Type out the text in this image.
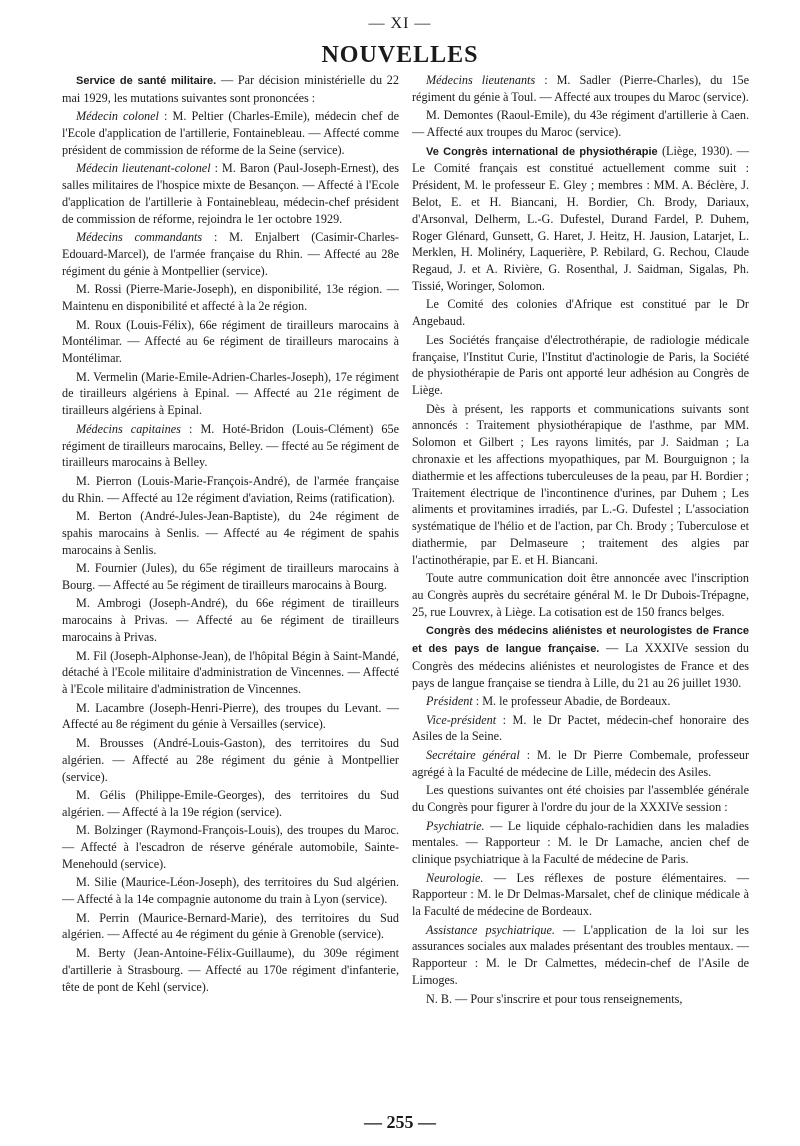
— XI —
NOUVELLES

Service de santé militaire. — Par décision ministérielle du 22 mai 1929, les mutations suivantes sont prononcées :

Médecin colonel : M. Peltier (Charles-Emile), médecin chef de l'Ecole d'application de l'artillerie, Fontainebleau. — Affecté comme président de commission de réforme de la Seine (service).

Médecin lieutenant-colonel : M. Baron (Paul-Joseph-Ernest), des salles militaires de l'hospice mixte de Besançon. — Affecté à l'Ecole d'application de l'artillerie à Fontainebleau, médecin-chef président de commission de réforme, rejoindra le 1er octobre 1929.

Médecins commandants : M. Enjalbert (Casimir-Charles-Edouard-Marcel), de l'armée française du Rhin. — Affecté au 28e régiment du génie à Montpellier (service).

M. Rossi (Pierre-Marie-Joseph), en disponibilité, 13e région. — Maintenu en disponibilité et affecté à la 2e région.

M. Roux (Louis-Félix), 66e régiment de tirailleurs marocains à Montélimar. — Affecté au 6e régiment de tirailleurs marocains à Montélimar.

M. Vermelin (Marie-Emile-Adrien-Charles-Joseph), 17e régiment de tirailleurs algériens à Epinal. — Affecté au 21e régiment de tirailleurs algériens à Epinal.

Médecins capitaines : M. Hoté-Bridon (Louis-Clément) 65e régiment de tirailleurs marocains, Belley. — ffecté au 5e régiment de tirailleurs marocains à Belley.

M. Pierron (Louis-Marie-François-André), de l'armée française du Rhin. — Affecté au 12e régiment d'aviation, Reims (ratification).

M. Berton (André-Jules-Jean-Baptiste), du 24e régiment de spahis marocains à Senlis. — Affecté au 4e régiment de spahis marocains à Senlis.

M. Fournier (Jules), du 65e régiment de tirailleurs marocains à Bourg. — Affecté au 5e régiment de tirailleurs marocains à Bourg.

M. Ambrogi (Joseph-André), du 66e régiment de tirailleurs marocains à Privas. — Affecté au 6e régiment de tirailleurs marocains à Privas.

M. Fil (Joseph-Alphonse-Jean), de l'hôpital Bégin à Saint-Mandé, détaché à l'Ecole militaire d'administration de Vincennes. — Affecté à l'Ecole militaire d'administration de Vincennes.

M. Lacambre (Joseph-Henri-Pierre), des troupes du Levant. — Affecté au 8e régiment du génie à Versailles (service).

M. Brousses (André-Louis-Gaston), des territoires du Sud algérien. — Affecté au 28e régiment du génie à Montpellier (service).

M. Gélis (Philippe-Emile-Georges), des territoires du Sud algérien. — Affecté à la 19e région (service).

M. Bolzinger (Raymond-François-Louis), des troupes du Maroc. — Affecté à l'escadron de réserve générale automobile, Sainte-Menehould (service).

M. Silie (Maurice-Léon-Joseph), des territoires du Sud algérien. — Affecté à la 14e compagnie autonome du train à Lyon (service).

M. Perrin (Maurice-Bernard-Marie), des territoires du Sud algérien. — Affecté au 4e régiment du génie à Grenoble (service).

M. Berty (Jean-Antoine-Félix-Guillaume), du 309e régiment d'artillerie à Strasbourg. — Affecté au 170e régiment d'infanterie, tête de pont de Kehl (service).

Médecins lieutenants : M. Sadler (Pierre-Charles), du 15e régiment du génie à Toul. — Affecté aux troupes du Maroc (service).

M. Demontes (Raoul-Emile), du 43e régiment d'artillerie à Caen. — Affecté aux troupes du Maroc (service).

Ve Congrès international de physiothérapie (Liège, 1930). — Le Comité français est constitué actuellement comme suit : Président, M. le professeur E. Gley ; membres : MM. A. Béclère, J. Belot, E. et H. Biancani, H. Bordier, Ch. Brody, Dariaux, d'Arsonval, Delherm, L.-G. Dufestel, Durand Fardel, P. Duhem, Roger Glénard, Gunsett, G. Haret, J. Heitz, H. Jausion, Latarjet, L. Merklen, H. Molinéry, Laquerière, P. Rebilard, G. Rechou, Claude Regaud, J. et A. Rivière, G. Rosenthal, J. Saidman, Sigalas, Ph. Tissié, Woringer, Solomon.

Le Comité des colonies d'Afrique est constitué par le Dr Angebaud.

Les Sociétés française d'électrothérapie, de radiologie médicale française, l'Institut Curie, l'Institut d'actinologie de Paris, la Société de physiothérapie de Paris ont apporté leur adhésion au Congrès de Liège.

Dès à présent, les rapports et communications suivants sont annoncés : Traitement physiothérapique de l'asthme, par MM. Solomon et Gilbert ; Les rayons limités, par J. Saidman ; La chronaxie et les affections myopathiques, par M. Bourguignon ; la diathermie et les affections tuberculeuses de la peau, par H. Bordier ; Traitement électrique de l'incontinence d'urines, par Duhem ; Les aliments et provitamines irradiés, par L.-G. Dufestel ; L'association systématique de l'hélio et de l'action, par Ch. Brody ; Tuberculose et diathermie, par Delmaseure ; traitement des algies par l'actinothérapie, par E. et H. Biancani.

Toute autre communication doit être annoncée avec l'inscription au Congrès auprès du secrétaire général M. le Dr Dubois-Trépagne, 25, rue Louvrex, à Liège. La cotisation est de 150 francs belges.

Congrès des médecins aliénistes et neurologistes de France et des pays de langue française. — La XXXIVe session du Congrès des médecins aliénistes et neurologistes de France et des pays de langue française se tiendra à Lille, du 21 au 26 juillet 1930.

Président : M. le professeur Abadie, de Bordeaux.

Vice-président : M. le Dr Pactet, médecin-chef honoraire des Asiles de la Seine.

Secrétaire général : M. le Dr Pierre Combemale, professeur agrégé à la Faculté de médecine de Lille, médecin des Asiles.

Les questions suivantes ont été choisies par l'assemblée générale du Congrès pour figurer à l'ordre du jour de la XXXIVe session :

Psychiatrie. — Le liquide céphalo-rachidien dans les maladies mentales. — Rapporteur : M. le Dr Lamache, ancien chef de clinique psychiatrique à la Faculté de médecine de Paris.

Neurologie. — Les réflexes de posture élémentaires. — Rapporteur : M. le Dr Delmas-Marsalet, chef de clinique médicale à la Faculté de médecine de Bordeaux.

Assistance psychiatrique. — L'application de la loi sur les assurances sociales aux malades présentant des troubles mentaux. — Rapporteur : M. le Dr Calmettes, médecin-chef de l'Asile de Limoges.

N. B. — Pour s'inscrire et pour tous renseignements,

— 255 —
